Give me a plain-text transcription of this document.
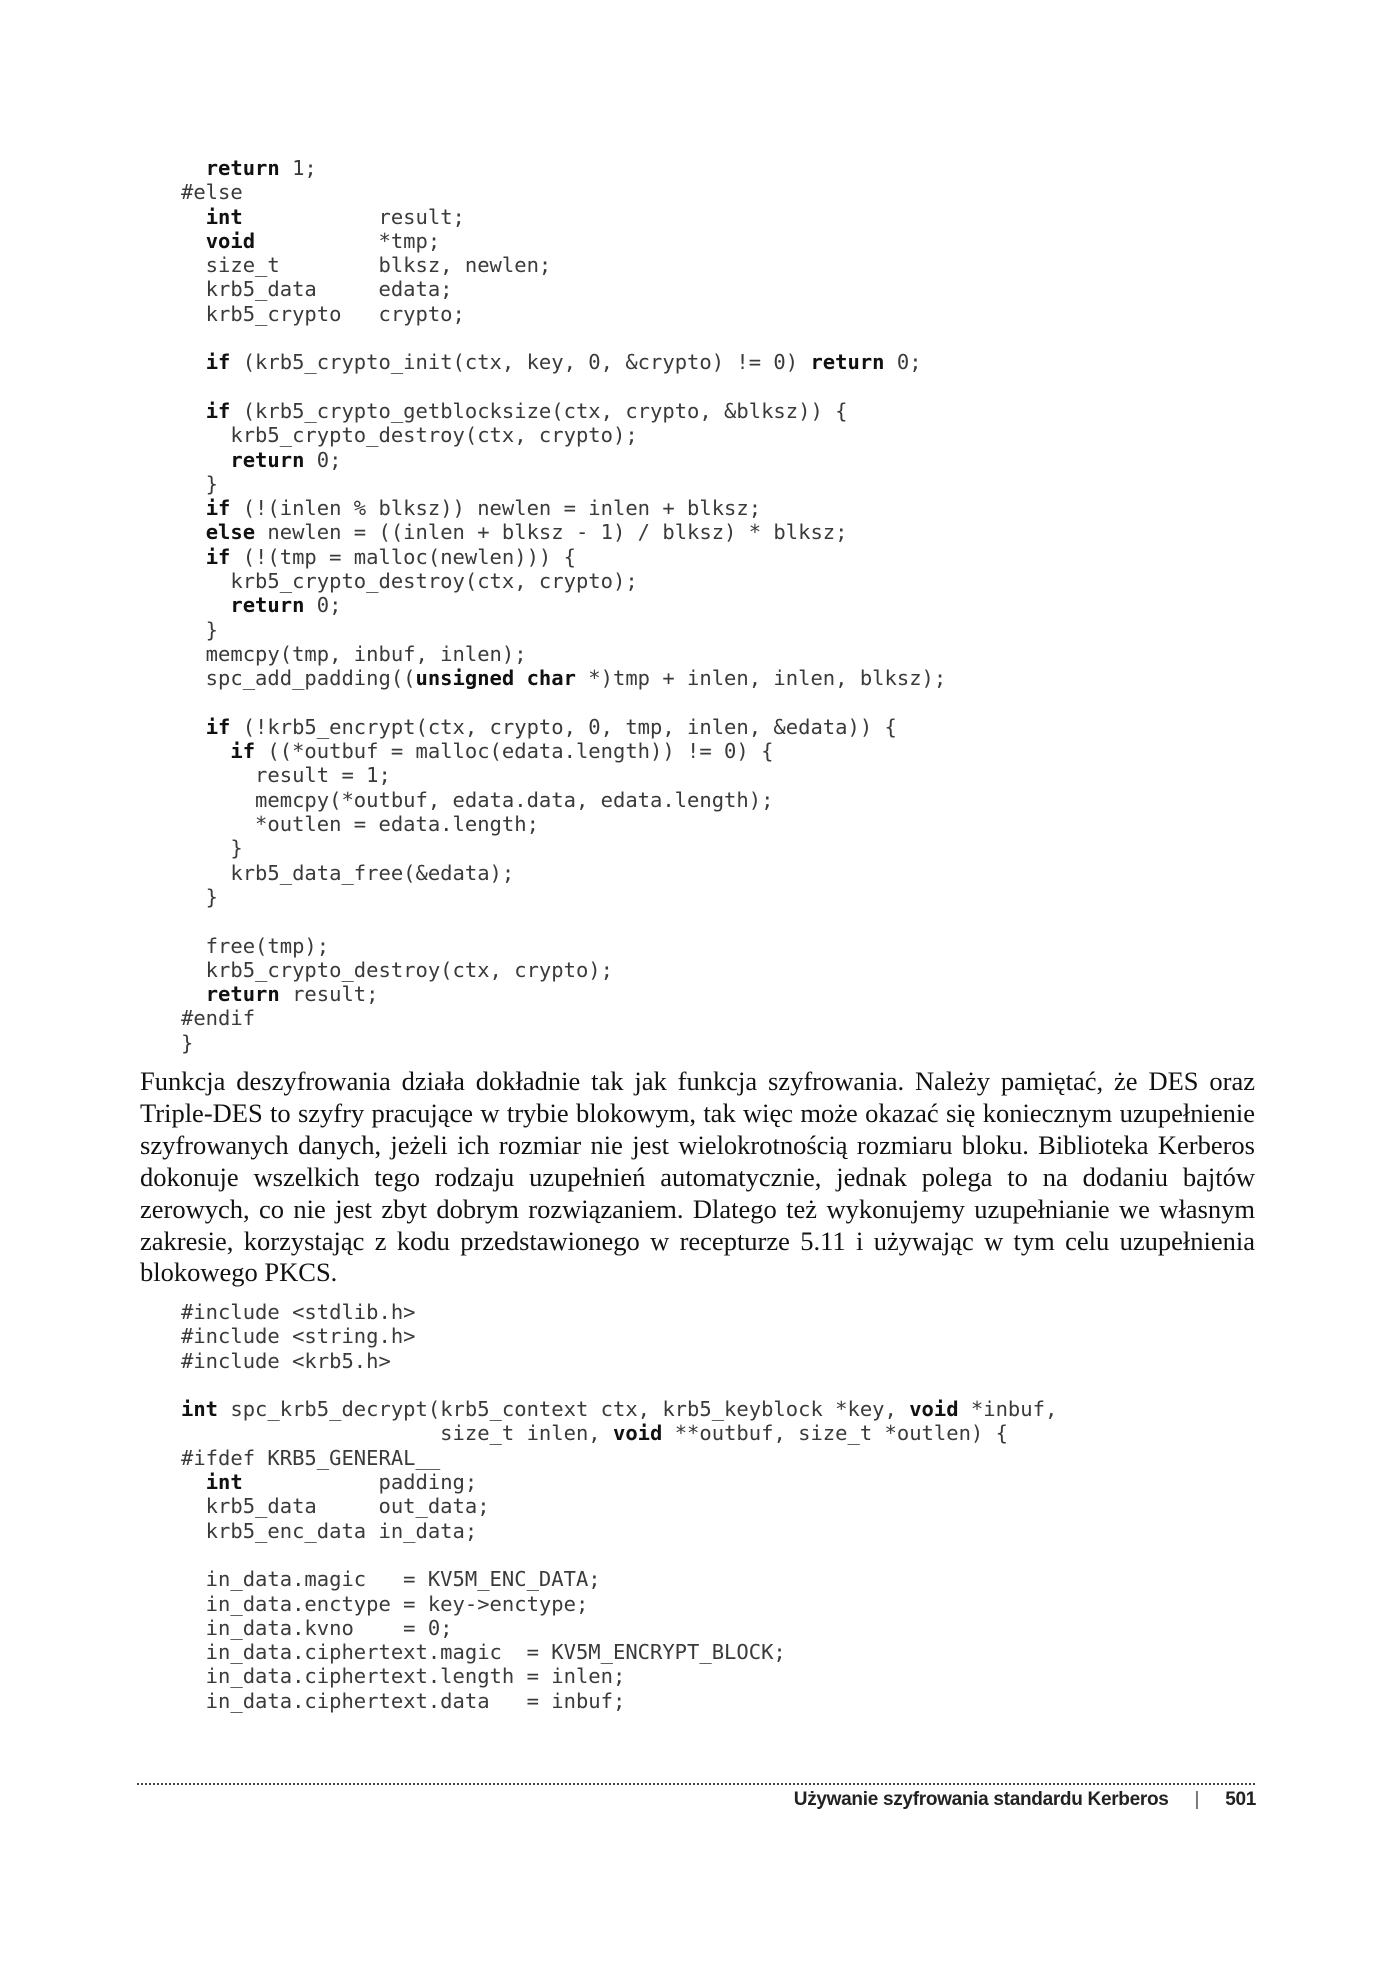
return 1;
#else
int           result;
void          *tmp;
size_t        blksz, newlen;
krb5_data     edata;
krb5_crypto   crypto;

if (krb5_crypto_init(ctx, key, 0, &crypto) != 0) return 0;

if (krb5_crypto_getblocksize(ctx, crypto, &blksz)) {
krb5_crypto_destroy(ctx, crypto);
return 0;
}
if (!(inlen % blksz)) newlen = inlen + blksz;
else newlen = ((inlen + blksz - 1) / blksz) * blksz;
if (!(tmp = malloc(newlen))) {
krb5_crypto_destroy(ctx, crypto);
return 0;
}
memcpy(tmp, inbuf, inlen);
spc_add_padding((unsigned char *)tmp + inlen, inlen, blksz);

if (!krb5_encrypt(ctx, crypto, 0, tmp, inlen, &edata)) {
if ((*outbuf = malloc(edata.length)) != 0) {
result = 1;
memcpy(*outbuf, edata.data, edata.length);
*outlen = edata.length;
}
krb5_data_free(&edata);
}

free(tmp);
krb5_crypto_destroy(ctx, crypto);
return result;
#endif
}

Funkcja deszyfrowania działa dokładnie tak jak funkcja szyfrowania. Należy pamiętać, że DES oraz Triple-DES to szyfry pracujące w trybie blokowym, tak więc może okazać się koniecznym uzupełnienie szyfrowanych danych, jeżeli ich rozmiar nie jest wielokrotnością rozmiaru bloku. Biblioteka Kerberos dokonuje wszelkich tego rodzaju uzupełnień automatycznie, jednak polega to na dodaniu bajtów zerowych, co nie jest zbyt dobrym rozwiązaniem. Dlatego też wykonujemy uzupełnianie we własnym zakresie, korzystając z kodu przedstawionego w recepturze 5.11 i używając w tym celu uzupełnienia blokowego PKCS.

#include <stdlib.h>
#include <string.h>
#include <krb5.h>

int spc_krb5_decrypt(krb5_context ctx, krb5_keyblock *key, void *inbuf,
size_t inlen, void **outbuf, size_t *outlen) {
#ifdef KRB5_GENERAL__
int           padding;
krb5_data     out_data;
krb5_enc_data in_data;

in_data.magic   = KV5M_ENC_DATA;
in_data.enctype = key->enctype;
in_data.kvno    = 0;
in_data.ciphertext.magic  = KV5M_ENCRYPT_BLOCK;
in_data.ciphertext.length = inlen;
in_data.ciphertext.data   = inbuf;
Używanie szyfrowania standardu Kerberos | 501
